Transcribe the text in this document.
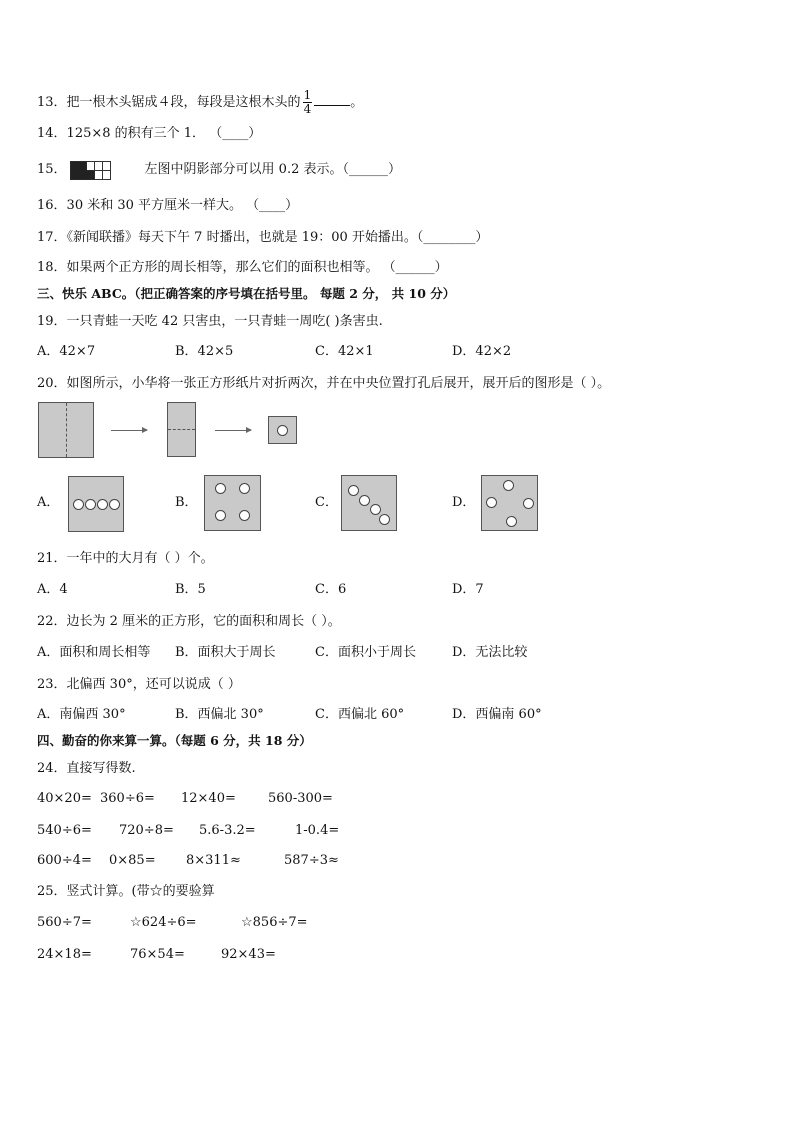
13．把一根木头锯成４段，每段是这根木头的 $\frac{1}{4}$	。
14．125×8 的积有三个 1． （____）
15．	左图中阴影部分可以用 0.2 表示。（______）
16．30 米和 30 平方厘米一样大。 （____）
17．《新闻联播》每天下午 7 时播出，也就是 19：00 开始播出。（________）
18．如果两个正方形的周长相等，那么它们的面积也相等。 （______）
三、快乐 ABC。（把正确答案的序号填在括号里。 每题 2 分， 共 10 分）
19．一只青蛙一天吃 42 只害虫，一只青蛙一周吃( )条害虫.
A．42×7	B．42×5	C．42×1	D．42×2
20．如图所示，小华将一张正方形纸片对折两次，并在中央位置打孔后展开，展开后的图形是（ ）。
A．	B．	C．	D．
21．一年中的大月有（ ）个。
A．4	B．5	C．6	D．7
22．边长为 2 厘米的正方形，它的面积和周长（ ）。
A．面积和周长相等 B．面积大于周长	C．面积小于周长	D．无法比较
23．北偏西 30°，还可以说成（ ）
A．南偏西 30°	B．西偏北 30°	C．西偏北 60°	D．西偏南 60°
四、勤奋的你来算一算。（每题 6 分，共 18 分）
24．直接写得数.
40×20= 360÷6= 12×40= 560-300=
540÷6= 720÷8= 5.6-3.2=	1-0.4=
600÷4= 0×85= 8×311≈	587÷3≈
25．竖式计算。(带☆的要验算
560÷7=	☆624÷6=	☆856÷7=
24×18=	76×54=	92×43=
